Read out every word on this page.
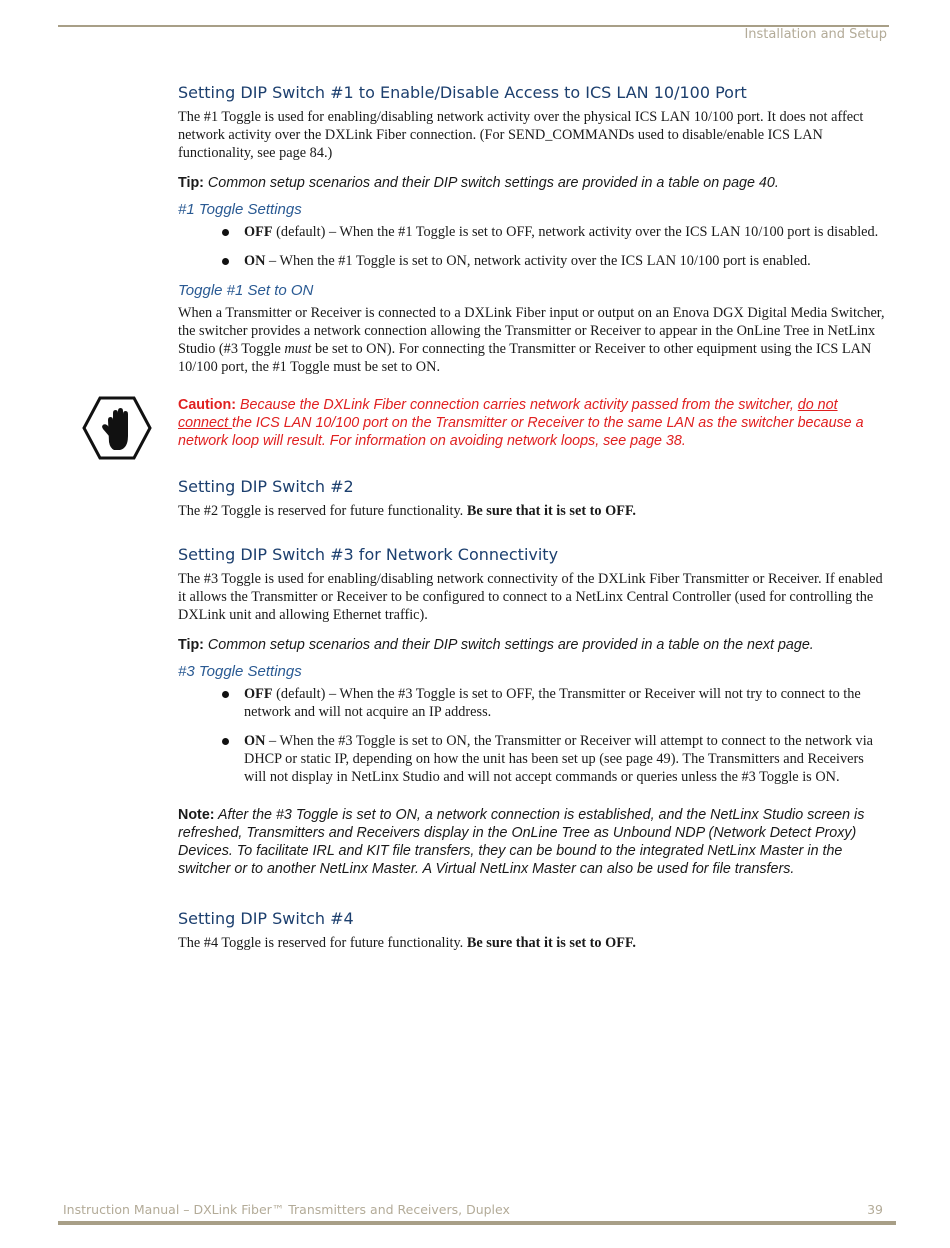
Installation and Setup
Setting DIP Switch #1 to Enable/Disable Access to ICS LAN 10/100 Port

The #1 Toggle is used for enabling/disabling network activity over the physical ICS LAN 10/100 port. It does not affect network activity over the DXLink Fiber connection. (For SEND_COMMANDs used to disable/enable ICS LAN functionality, see page 84.)

Tip: Common setup scenarios and their DIP switch settings are provided in a table on page 40.

#1 Toggle Settings
OFF (default) – When the #1 Toggle is set to OFF, network activity over the ICS LAN 10/100 port is disabled.
ON – When the #1 Toggle is set to ON, network activity over the ICS LAN 10/100 port is enabled.
Toggle #1 Set to ON

When a Transmitter or Receiver is connected to a DXLink Fiber input or output on an Enova DGX Digital Media Switcher, the switcher provides a network connection allowing the Transmitter or Receiver to appear in the OnLine Tree in NetLinx Studio (#3 Toggle must be set to ON). For connecting the Transmitter or Receiver to other equipment using the ICS LAN 10/100 port, the #1 Toggle must be set to ON.

Caution: Because the DXLink Fiber connection carries network activity passed from the switcher, do not connect the ICS LAN 10/100 port on the Transmitter or Receiver to the same LAN as the switcher because a network loop will result. For information on avoiding network loops, see page 38.

Setting DIP Switch #2

The #2 Toggle is reserved for future functionality. Be sure that it is set to OFF.

Setting DIP Switch #3 for Network Connectivity

The #3 Toggle is used for enabling/disabling network connectivity of the DXLink Fiber Transmitter or Receiver. If enabled it allows the Transmitter or Receiver to be configured to connect to a NetLinx Central Controller (used for controlling the DXLink unit and allowing Ethernet traffic).

Tip: Common setup scenarios and their DIP switch settings are provided in a table on the next page.

#3 Toggle Settings
OFF (default) – When the #3 Toggle is set to OFF, the Transmitter or Receiver will not try to connect to the network and will not acquire an IP address.
ON – When the #3 Toggle is set to ON, the Transmitter or Receiver will attempt to connect to the network via DHCP or static IP, depending on how the unit has been set up (see page 49). The Transmitters and Receivers will not display in NetLinx Studio and will not accept commands or queries unless the #3 Toggle is ON.

Note: After the #3 Toggle is set to ON, a network connection is established, and the NetLinx Studio screen is refreshed, Transmitters and Receivers display in the OnLine Tree as Unbound NDP (Network Detect Proxy) Devices. To facilitate IRL and KIT file transfers, they can be bound to the integrated NetLinx Master in the switcher or to another NetLinx Master. A Virtual NetLinx Master can also be used for file transfers.

Setting DIP Switch #4

The #4 Toggle is reserved for future functionality. Be sure that it is set to OFF.

Instruction Manual – DXLink Fiber™ Transmitters and Receivers, Duplex	39
